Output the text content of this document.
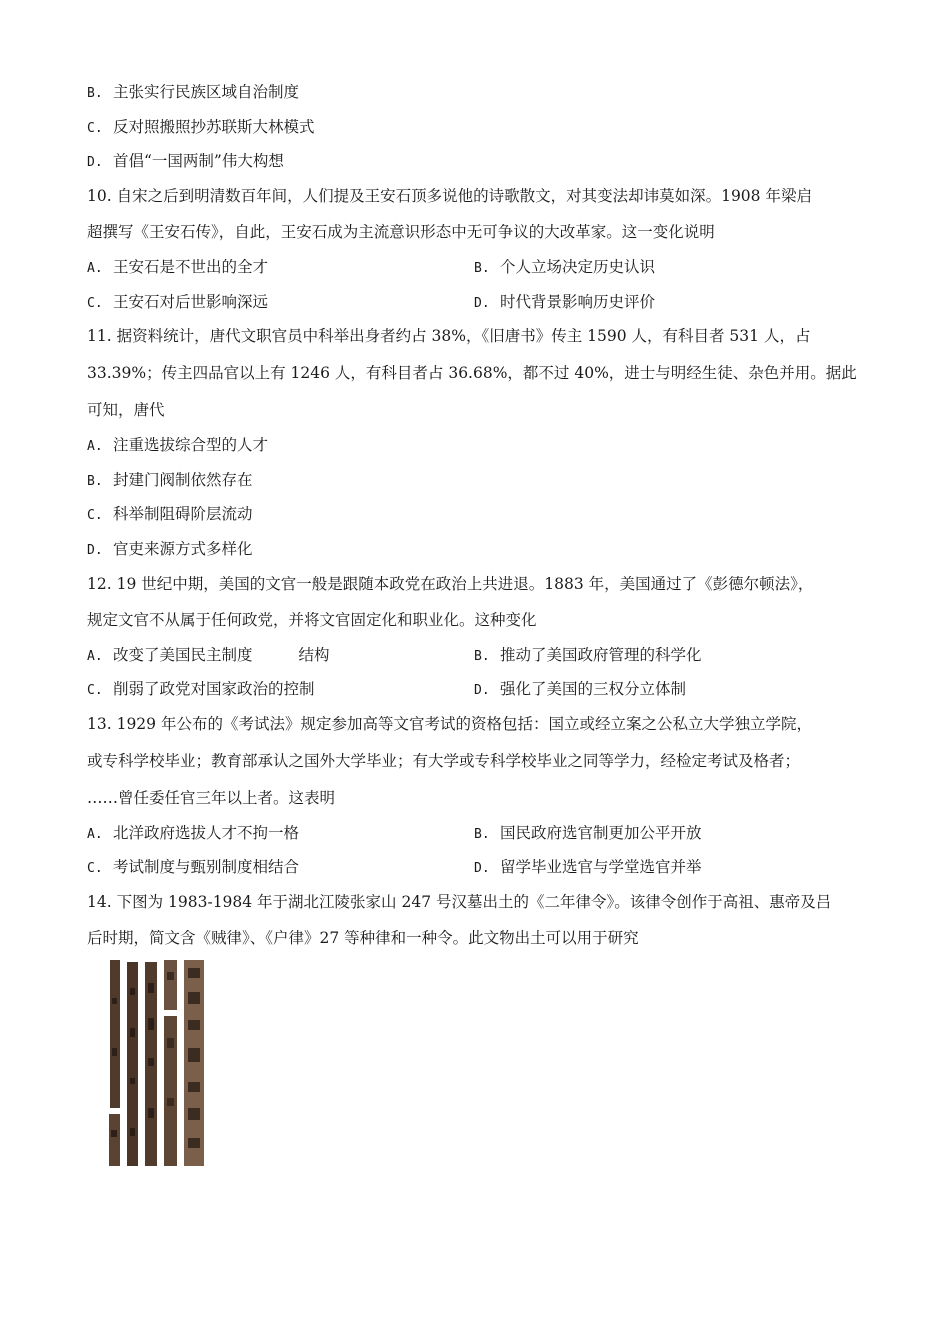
B. 主张实行民族区域自治制度
C. 反对照搬照抄苏联斯大林模式
D. 首倡“一国两制”伟大构想
10. 自宋之后到明清数百年间，人们提及王安石顶多说他的诗歌散文，对其变法却讳莫如深。1908 年梁启
超撰写《王安石传》，自此，王安石成为主流意识形态中无可争议的大改革家。这一变化说明
A. 王安石是不世出的全才	B. 个人立场决定历史认识
C. 王安石对后世影响深远	D. 时代背景影响历史评价
11. 据资料统计，唐代文职官员中科举出身者约占 38%，《旧唐书》传主 1590 人，有科目者 531 人，占
33.39%；传主四品官以上有 1246 人，有科目者占 36.68%，都不过 40%，进士与明经生徒、杂色并用。据此
可知，唐代
A. 注重选拔综合型的人才
B. 封建门阀制依然存在
C. 科举制阻碍阶层流动
D. 官吏来源方式多样化
12. 19 世纪中期，美国的文官一般是跟随本政党在政治上共进退。1883 年，美国通过了《彭德尔顿法》，
规定文官不从属于任何政党，并将文官固定化和职业化。这种变化
A. 改变了美国民主制度	结构	B. 推动了美国政府管理的科学化
C. 削弱了政党对国家政治的控制	D. 强化了美国的三权分立体制
13. 1929 年公布的《考试法》规定参加高等文官考试的资格包括：国立或经立案之公私立大学独立学院，
或专科学校毕业；教育部承认之国外大学毕业；有大学或专科学校毕业之同等学力，经检定考试及格者；
……曾任委任官三年以上者。这表明
A. 北洋政府选拔人才不拘一格	B. 国民政府选官制更加公平开放
C. 考试制度与甄别制度相结合	D. 留学毕业选官与学堂选官并举
14. 下图为 1983-1984 年于湖北江陵张家山 247 号汉墓出土的《二年律令》。该律令创作于高祖、惠帝及吕
后时期，简文含《贼律》、《户律》27 等种律和一种令。此文物出土可以用于研究
